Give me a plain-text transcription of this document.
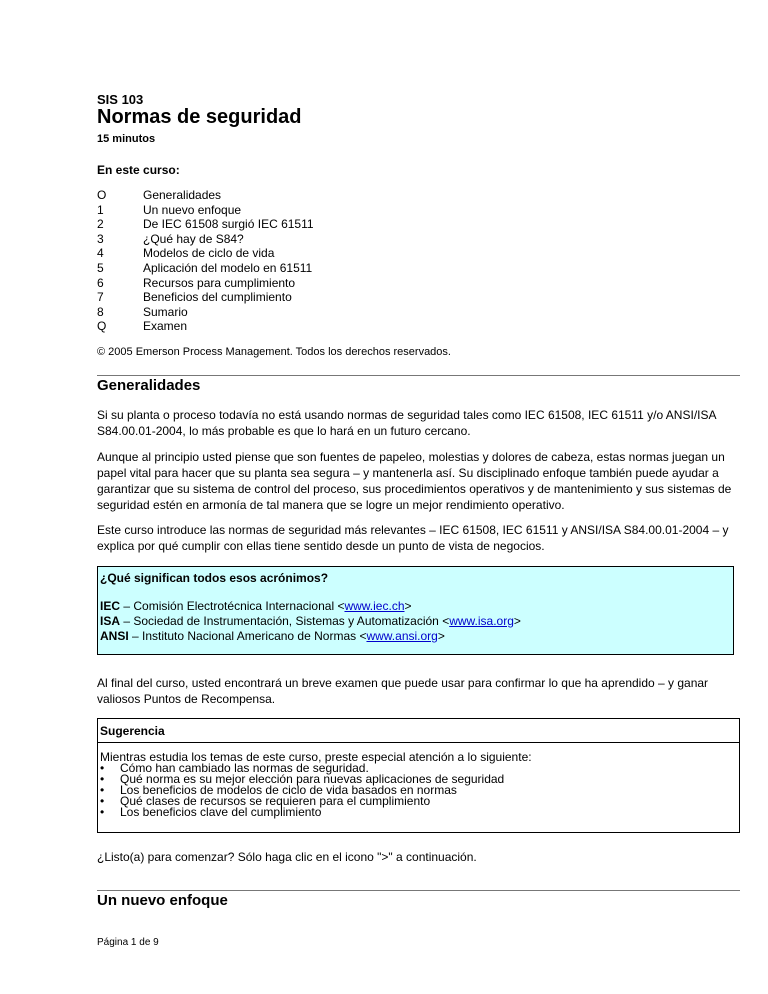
SIS 103
Normas de seguridad
15 minutos
En este curso:
O	Generalidades
1	Un nuevo enfoque
2	De IEC 61508 surgió IEC 61511
3	¿Qué hay de S84?
4	Modelos de ciclo de vida
5	Aplicación del modelo en 61511
6	Recursos para cumplimiento
7	Beneficios del cumplimiento
8	Sumario
Q	Examen
© 2005 Emerson Process Management. Todos los derechos reservados.
Generalidades

Si su planta o proceso todavía no está usando normas de seguridad tales como IEC 61508, IEC 61511 y/o ANSI/ISA S84.00.01-2004, lo más probable es que lo hará en un futuro cercano.

Aunque al principio usted piense que son fuentes de papeleo, molestias y dolores de cabeza, estas normas juegan un papel vital para hacer que su planta sea segura – y mantenerla así. Su disciplinado enfoque también puede ayudar a garantizar que su sistema de control del proceso, sus procedimientos operativos y de mantenimiento y sus sistemas de seguridad estén en armonía de tal manera que se logre un mejor rendimiento operativo.

Este curso introduce las normas de seguridad más relevantes – IEC 61508, IEC 61511 y ANSI/ISA S84.00.01-2004 – y explica por qué cumplir con ellas tiene sentido desde un punto de vista de negocios.

¿Qué significan todos esos acrónimos?
IEC – Comisión Electrotécnica Internacional <www.iec.ch>
ISA – Sociedad de Instrumentación, Sistemas y Automatización <www.isa.org>
ANSI – Instituto Nacional Americano de Normas <www.ansi.org>

Al final del curso, usted encontrará un breve examen que puede usar para confirmar lo que ha aprendido – y ganar valiosos Puntos de Recompensa.

Sugerencia
Mientras estudia los temas de este curso, preste especial atención a lo siguiente:
•	Cómo han cambiado las normas de seguridad.
•	Qué norma es su mejor elección para nuevas aplicaciones de seguridad
•	Los beneficios de modelos de ciclo de vida basados en normas
•	Qué clases de recursos se requieren para el cumplimiento
•	Los beneficios clave del cumplimiento

¿Listo(a) para comenzar? Sólo haga clic en el icono ">" a continuación.

Un nuevo enfoque
Página 1 de 9
